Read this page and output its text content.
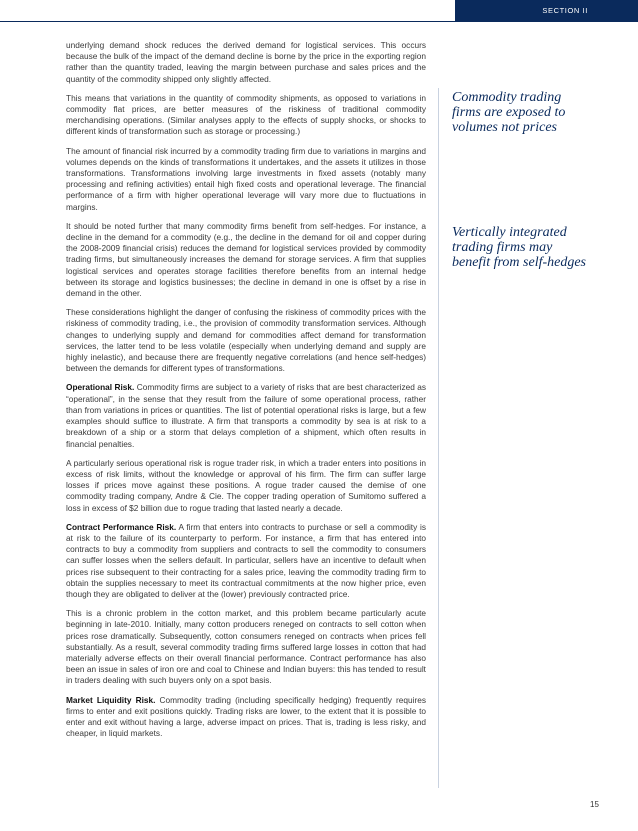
SECTION II

underlying demand shock reduces the derived demand for logistical services. This occurs because the bulk of the impact of the demand decline is borne by the price in the exporting region rather than the quantity traded, leaving the margin between purchase and sales prices and the quantity of the commodity shipped only slightly affected.

This means that variations in the quantity of commodity shipments, as opposed to variations in commodity flat prices, are better measures of the riskiness of traditional commodity merchandising operations. (Similar analyses apply to the effects of supply shocks, or shocks to different kinds of transformation such as storage or processing.)

The amount of financial risk incurred by a commodity trading firm due to variations in margins and volumes depends on the kinds of transformations it undertakes, and the assets it utilizes in those transformations. Transformations involving large investments in fixed assets (notably many processing and refining activities) entail high fixed costs and operational leverage. The financial performance of a firm with higher operational leverage will vary more due to fluctuations in margins.

It should be noted further that many commodity firms benefit from self-hedges. For instance, a decline in the demand for a commodity (e.g., the decline in the demand for oil and copper during the 2008-2009 financial crisis) reduces the demand for logistical services provided by commodity trading firms, but simultaneously increases the demand for storage services. A firm that supplies logistical services and operates storage facilities therefore benefits from an internal hedge between its storage and logistics businesses; the decline in demand in one is offset by a rise in demand in the other.

These considerations highlight the danger of confusing the riskiness of commodity prices with the riskiness of commodity trading, i.e., the provision of commodity transformation services. Although changes to underlying supply and demand for commodities affect demand for transformation services, the latter tend to be less volatile (especially when underlying demand and supply are highly inelastic), and because there are frequently negative correlations (and hence self-hedges) between the demands for different types of transformations.

Operational Risk. Commodity firms are subject to a variety of risks that are best characterized as “operational”, in the sense that they result from the failure of some operational process, rather than from variations in prices or quantities. The list of potential operational risks is large, but a few examples should suffice to illustrate. A firm that transports a commodity by sea is at risk to a breakdown of a ship or a storm that delays completion of a shipment, which often results in financial penalties.

A particularly serious operational risk is rogue trader risk, in which a trader enters into positions in excess of risk limits, without the knowledge or approval of his firm. The firm can suffer large losses if prices move against these positions. A rogue trader caused the demise of one commodity trading company, Andre & Cie. The copper trading operation of Sumitomo suffered a loss in excess of $2 billion due to rogue trading that lasted nearly a decade.

Contract Performance Risk. A firm that enters into contracts to purchase or sell a commodity is at risk to the failure of its counterparty to perform. For instance, a firm that has entered into contracts to buy a commodity from suppliers and contracts to sell the commodity to consumers can suffer losses when the sellers default. In particular, sellers have an incentive to default when prices rise subsequent to their contracting for a sales price, leaving the commodity trading firm to obtain the supplies necessary to meet its contractual commitments at the now higher price, even though they are obligated to deliver at the (lower) previously contracted price.

This is a chronic problem in the cotton market, and this problem became particularly acute beginning in late-2010. Initially, many cotton producers reneged on contracts to sell cotton when prices rose dramatically. Subsequently, cotton consumers reneged on contracts when prices fell substantially. As a result, several commodity trading firms suffered large losses in cotton that had materially adverse effects on their overall financial performance. Contract performance has also been an issue in sales of iron ore and coal to Chinese and Indian buyers: this has tended to result in traders dealing with such buyers only on a spot basis.

Market Liquidity Risk. Commodity trading (including specifically hedging) frequently requires firms to enter and exit positions quickly. Trading risks are lower, to the extent that it is possible to enter and exit without having a large, adverse impact on prices. That is, trading is less risky, and cheaper, in liquid markets.

Commodity trading firms are exposed to volumes not prices
Vertically integrated trading firms may benefit from self-hedges
15
